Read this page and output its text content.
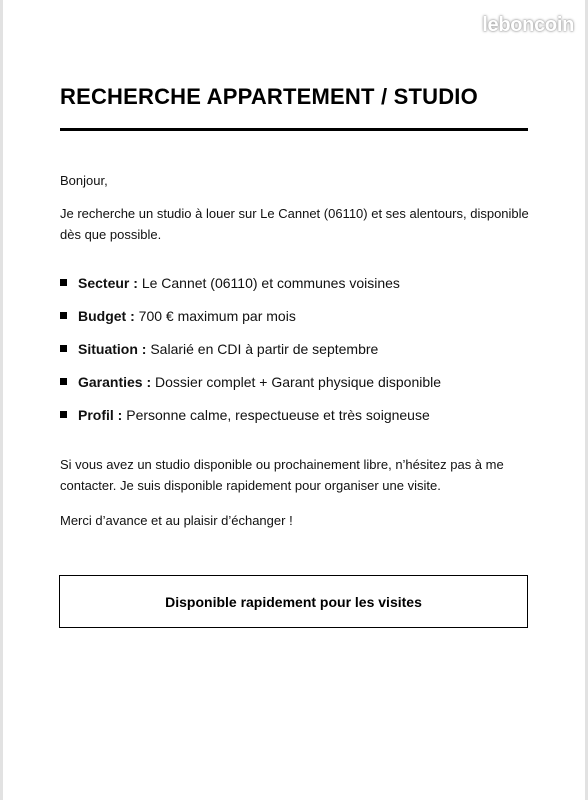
leboncoin
RECHERCHE APPARTEMENT / STUDIO

Bonjour,

Je recherche un studio à louer sur Le Cannet (06110) et ses alentours, disponible dès que possible.

Secteur : Le Cannet (06110) et communes voisines
Budget : 700 € maximum par mois
Situation : Salarié en CDI à partir de septembre
Garanties : Dossier complet + Garant physique disponible
Profil : Personne calme, respectueuse et très soigneuse

Si vous avez un studio disponible ou prochainement libre, n’hésitez pas à me contacter. Je suis disponible rapidement pour organiser une visite.

Merci d’avance et au plaisir d’échanger !

Disponible rapidement pour les visites
